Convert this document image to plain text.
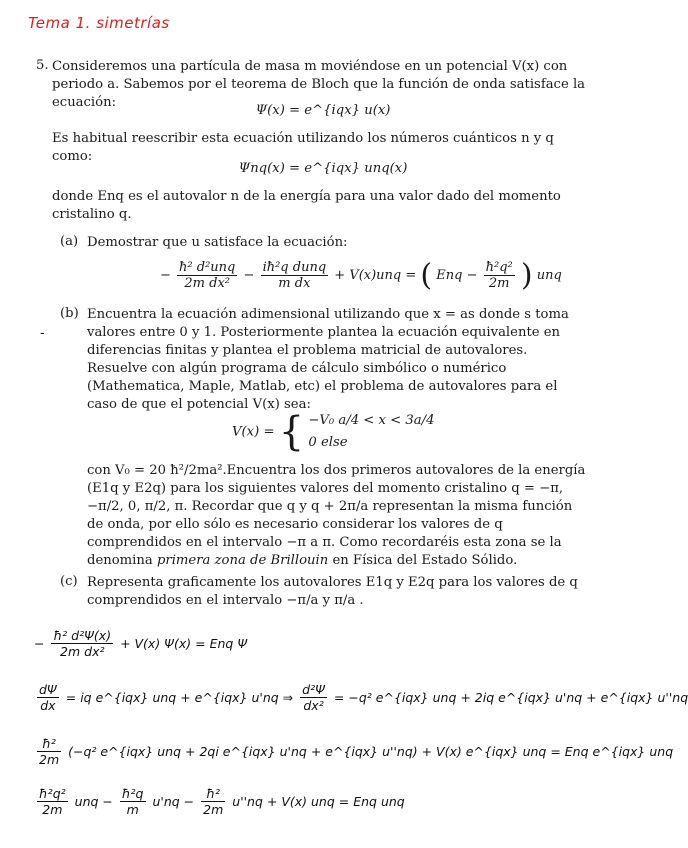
Tema 1. simetrías
5. Consideremos una partícula de masa m moviéndose en un potencial V(x) con periodo a. Sabemos por el teorema de Bloch que la función de onda satisface la ecuación:
Ψ(x) = e^{iqx} u(x)
Es habitual reescribir esta ecuación utilizando los números cuánticos n y q como:
Ψnq(x) = e^{iqx} unq(x)
donde Enq es el autovalor n de la energía para una valor dado del momento cristalino q.
(a) Demostrar que u satisface la ecuación:
− $\frac{\text{ħ² d²unq}}{\text{2m dx²}} - \frac{\text{iħ²q dunq}}{\text{m dx}} + V(x)unq$ = ( Enq − $\frac{\text{ħ²q²}}{2m}$ ) unq
(b)
-
Encuentra la ecuación adimensional utilizando que x = as donde s toma valores entre 0 y 1. Posteriormente plantea la ecuación equivalente en diferencias finitas y plantea el problema matricial de autovalores. Resuelve con algún programa de cálculo simbólico o numérico (Mathematica, Maple, Matlab, etc) el problema de autovalores para el caso de que el potencial V(x) sea:
V(x) = { −V₀ a/4 < x < 3a/4
0 else
con V₀ = 20 ħ²/2ma².Encuentra los dos primeros autovalores de la energía (E1q y E2q) para los siguientes valores del momento cristalino q = −π, −π/2, 0, π/2, π. Recordar que q y q + 2π/a representan la misma función de onda, por ello sólo es necesario considerar los valores de q comprendidos en el intervalo −π a π. Como recordaréis esta zona se la denomina primera zona de Brillouin en Física del Estado Sólido.
(c) Representa graficamente los autovalores E1q y E2q para los valores de q comprendidos en el intervalo −π/a y π/a .
− $\frac{\text{ħ² d²Ψ(x)}}{\text{2m dx²}} + V(x) \Psi(x)$ = Enq Ψ
$\frac{d\Psi}{dx}$ = iq e^{iqx} unq + e^{iqx} u'nq ⇒ $\frac{\text{d²Ψ}}{\text{dx²}} = -q^2$ e^{iqx} unq + 2iq e^{iqx} u'nq + e^{iqx} u''nq
$\frac{\text{ħ²}}{2m} (-q^2$ e^{iqx} unq + 2qi e^{iqx} u'nq + e^{iqx} u''nq) + V(x) e^{iqx} unq = Enq e^{iqx} unq
$\frac{\text{ħ²q²}}{2m}$ unq − $\frac{\text{ħ²q}}{m} u'nq - \frac{\text{ħ²}}{2m} u''nq + V(x)$ unq = Enq unq
